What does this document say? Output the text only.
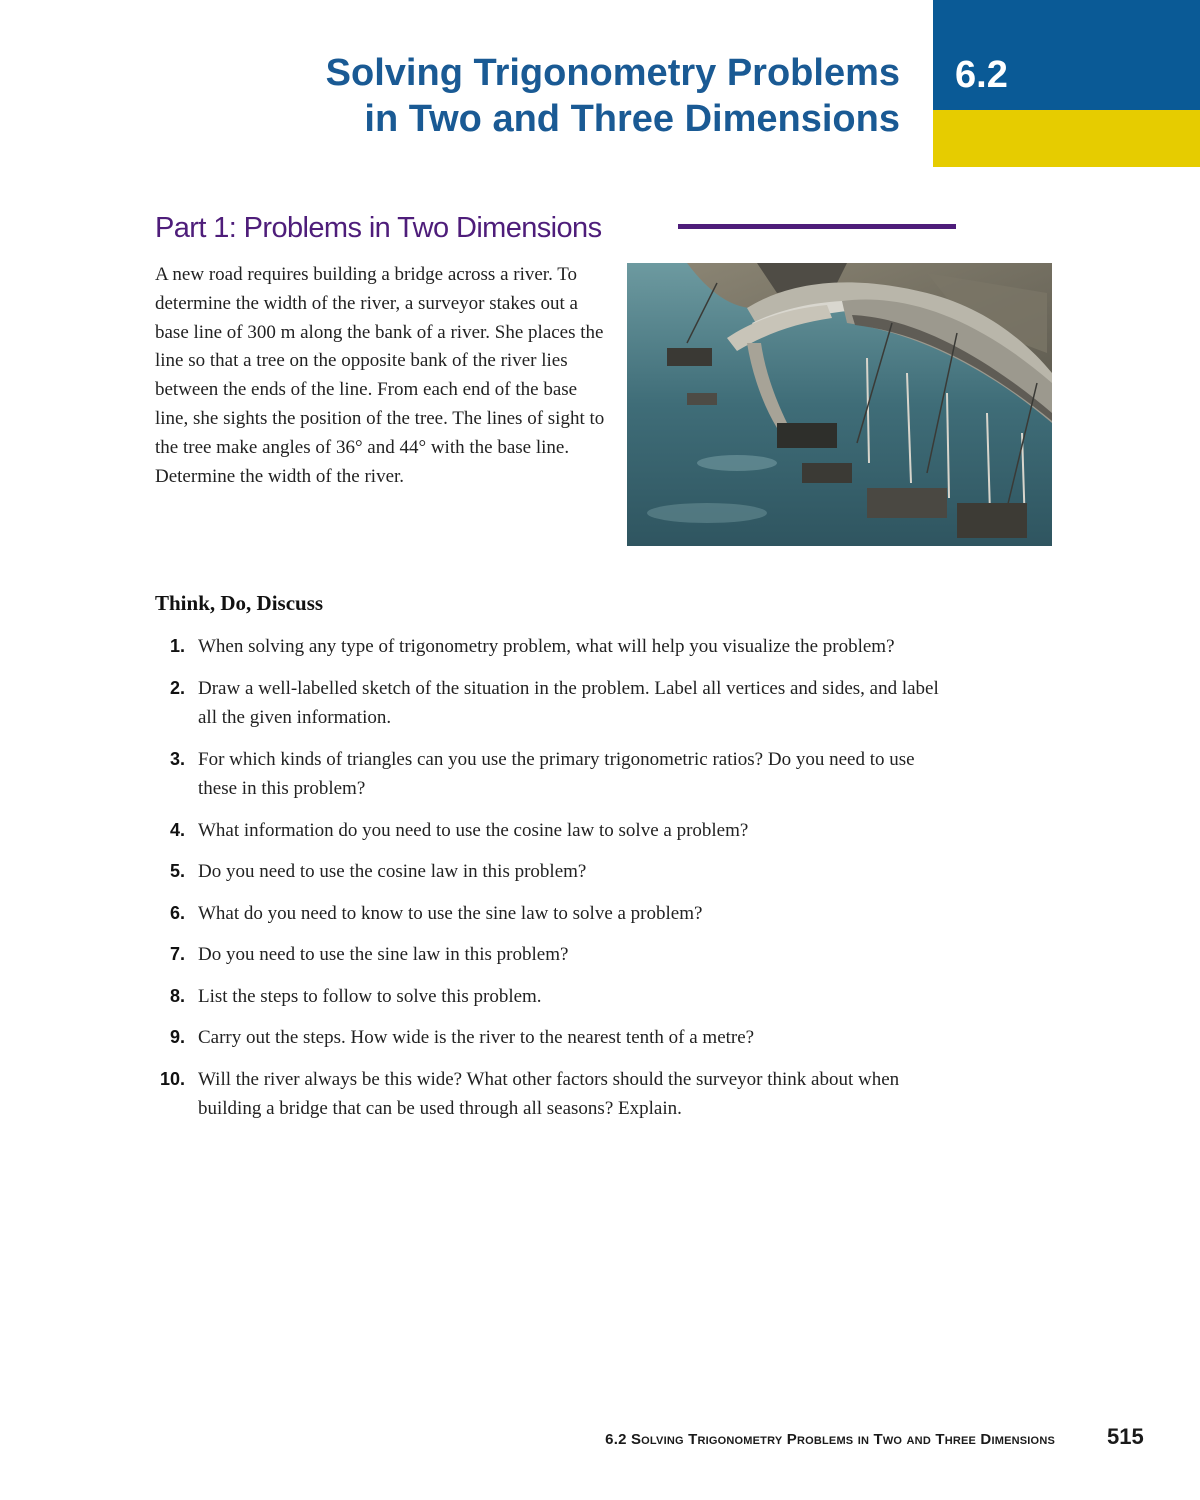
6.2
Solving Trigonometry Problems
in Two and Three Dimensions
Part 1: Problems in Two Dimensions
A new road requires building a bridge across a river. To determine the width of the river, a surveyor stakes out a base line of 300 m along the bank of a river. She places the line so that a tree on the opposite bank of the river lies between the ends of the line. From each end of the base line, she sights the position of the tree. The lines of sight to the tree make angles of 36° and 44° with the base line. Determine the width of the river.
Think, Do, Discuss
1. When solving any type of trigonometry problem, what will help you visualize the problem?
2. Draw a well-labelled sketch of the situation in the problem. Label all vertices and sides, and label all the given information.
3. For which kinds of triangles can you use the primary trigonometric ratios? Do you need to use these in this problem?
4. What information do you need to use the cosine law to solve a problem?
5. Do you need to use the cosine law in this problem?
6. What do you need to know to use the sine law to solve a problem?
7. Do you need to use the sine law in this problem?
8. List the steps to follow to solve this problem.
9. Carry out the steps. How wide is the river to the nearest tenth of a metre?
10. Will the river always be this wide? What other factors should the surveyor think about when building a bridge that can be used through all seasons? Explain.
6.2 Solving Trigonometry Problems in Two and Three Dimensions 515
